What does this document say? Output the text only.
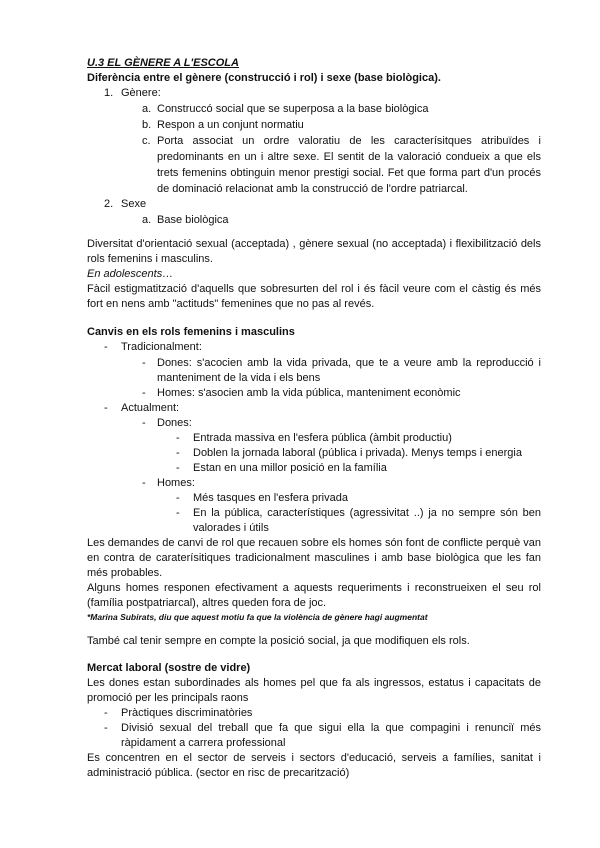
U.3 EL GÈNERE A L'ESCOLA
Diferència entre el gènere (construcció i rol) i sexe (base biològica).
1. Gènere:
a. Construccó social que se superposa a la base biològica
b. Respon a un conjunt normatiu
c. Porta associat un ordre valoratiu de les caracterísitques atribuïdes i
predominants en un i altre sexe. El sentit de la valoració condueix a que els
trets femenins obtinguin menor prestigi social. Fet que forma part d'un procés
de dominació relacionat amb la construcció de l'ordre patriarcal.
2. Sexe
a. Base biològica
Diversitat d'orientació sexual (acceptada) , gènere sexual (no acceptada) i flexibilització dels
rols femenins i masculins.
En adolescents…
Fàcil estigmatització d'aquells que sobresurten del rol i és fàcil veure com el càstig és més
fort en nens amb "actituds" femenines que no pas al revés.
Canvis en els rols femenins i masculins
- Tradicionalment:
- Dones: s'acocien amb la vida privada, que te a veure amb la reproducció i
manteniment de la vida i els bens
- Homes: s'asocien amb la vida pública, manteniment econòmic
- Actualment:
- Dones:
- Entrada massiva en l'esfera pública (àmbit productiu)
- Doblen la jornada laboral (pública i privada). Menys temps i energia
- Estan en una millor posició en la família
- Homes:
- Més tasques en l'esfera privada
- En la pública, característiques (agressivitat ..) ja no sempre són ben
valorades i útils
Les demandes de canvi de rol que recauen sobre els homes són font de conflicte perquè van
en contra de caraterísitiques tradicionalment masculines i amb base biològica que les fan
més probables.
Alguns homes responen efectivament a aquests requeriments i reconstrueixen el seu rol
(família postpatriarcal), altres queden fora de joc.
*Marina Subirats, diu que aquest motiu fa que la violència de gènere hagi augmentat
També cal tenir sempre en compte la posició social, ja que modifiquen els rols.
Mercat laboral (sostre de vidre)
Les dones estan subordinades als homes pel que fa als ingressos, estatus i capacitats de
promoció per les principals raons
- Pràctiques discriminatòries
- Divisió sexual del treball que fa que sigui ella la que compagini i renunciï més
ràpidament a carrera professional
Es concentren en el sector de serveis i sectors d'educació, serveis a famílies, sanitat i
administració pública. (sector en risc de precarització)
